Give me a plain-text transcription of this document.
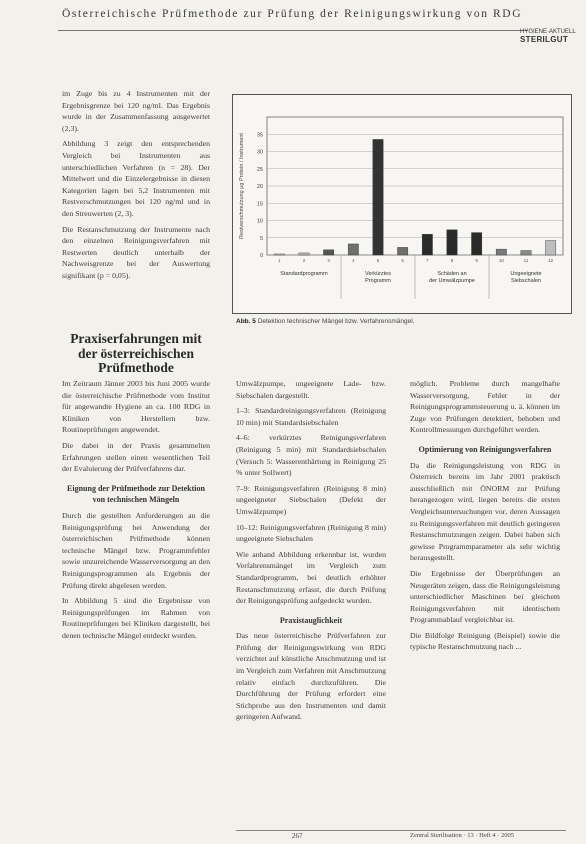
Österreichische Prüfmethode zur Prüfung der Reinigungswirkung von RDG
HYGIENE·AKTUELL
STERILGUT

im Zuge bis zu 4 Instrumenten mit der Ergebnisgrenze bei 120 ng/ml. Das Ergebnis wurde in der Zusammenfassung ausgewertet (2,3).

Abbildung 3 zeigt den entsprechenden Vergleich bei Instrumenten aus unterschiedlichen Verfahren (n = 28). Der Mittelwert und die Einzelergebnisse in diesen Kategorien lagen bei 5,2 Instrumenten mit Restverschmutzungen bei 120 ng/ml und in den Streuwerten (2, 3).

Die Restanschmutzung der Instrumente nach den einzelnen Reinigungsverfahren mit Restwerten deutlich unterhalb der Nachweisgrenze bei der Auswertung signifikant (p = 0,05).

Praxiserfahrungen mit der österreichischen Prüfmethode

Im Zeitraum Jänner 2003 bis Juni 2005 wurde die österreichische Prüfmethode vom Institut für angewandte Hygiene an ca. 100 RDG in Kliniken von Herstellern bzw. Routineprüfungen angewendet.

Die dabei in der Praxis gesammelten Erfahrungen stellen einen wesentlichen Teil der Evaluierung der Prüfverfahrens dar.

Eignung der Prüfmethode zur Detektion von technischen Mängeln

Durch die gestellten Anforderungen an die Reinigungsprüfung bei Anwendung der österreichischen Prüfmethode können technische Mängel bzw. Programmfehler sowie unzureichende Wasserversorgung an den Reinigungsprogrammen als Ergebnis der Prüfung direkt abgelesen werden.

In Abbildung 5 sind die Ergebnisse von Reinigungsprüfungen im Rahmen von Routineprüfungen bei Kliniken dargestellt, bei denen technische Mängel entdeckt wurden.

0
5
10
15
20
25
30
35
Restverschmutzung µg Protein / Instrument
1	2	3	4	5	6	7	8	9	10	11	12
Standardprogramm	Verkürztes
Programm
Schäden an
der Umwälzpumpe
Ungeeignete
Siebschalen
Abb. 5 Detektion technischer Mängel bzw. Verfahrensmängel.

Umwälzpumpe, ungeeignete Lade- bzw. Siebschalen dargestellt.

1–3: Standardreinigungsverfahren (Reinigung 10 min) mit Standardsiebschalen

4–6: verkürztes Reinigungsverfahren (Reinigung 5 min) mit Standardsiebschalen (Versuch 5: Wasserenthärtung in Reinigung 25 % unter Sollwert)

7–9: Reinigungsverfahren (Reinigung 8 min) ungeeigneter Siebschalen (Defekt der Umwälzpumpe)

10–12: Reinigungsverfahren (Reinigung 8 min) ungeeignete Siebschalen

Wie anhand Abbildung erkennbar ist, wurden Verfahrensmängel im Vergleich zum Standardprogramm, bei deutlich erhöhter Restanschmutzung erfasst, die durch Prüfung der Reinigungsprüfung aufgedeckt wurden.

Praxistauglichkeit

Das neue österreichische Prüfverfahren zur Prüfung der Reinigungswirkung von RDG verzichtet auf künstliche Anschmutzung und ist im Vergleich zum Verfahren mit Anschmutzung relativ einfach durchzuführen. Die Durchführung der Prüfung erfordert eine Stichprobe aus den Instrumenten und damit geringeren Aufwand.

möglich. Probleme durch mangelhafte Wasserversorgung, Fehler in der Reinigungsprogrammsteuerung u. ä. können im Zuge von Prüfungen detektiert, behoben und Kontrollmessungen durchgeführt werden.

Optimierung von Reinigungsverfahren

Da die Reinigungsleistung von RDG in Österreich bereits im Jahr 2001 praktisch ausschließlich mit ÖNORM zur Prüfung herangezogen wird, liegen bereits die ersten Vergleichsuntersuchungen vor, deren Aussagen zu Reinigungsverfahren mit deutlich geringeren Restanschmutzungen zeigen. Dabei haben sich gewisse Programmparameter als sehr wichtig herausgestellt.

Die Ergebnisse der Überprüfungen an Neugeräten zeigen, dass die Reinigungsleistung unterschiedlicher Maschinen bei gleichem Reinigungsverfahren mit identischem Programmablauf vergleichbar ist.

Die Bildfolge Reinigung (Beispiel) sowie die typische Restanschmutzung nach ...

267	Zentral Sterilisation · 13 · Heft 4 · 2005
